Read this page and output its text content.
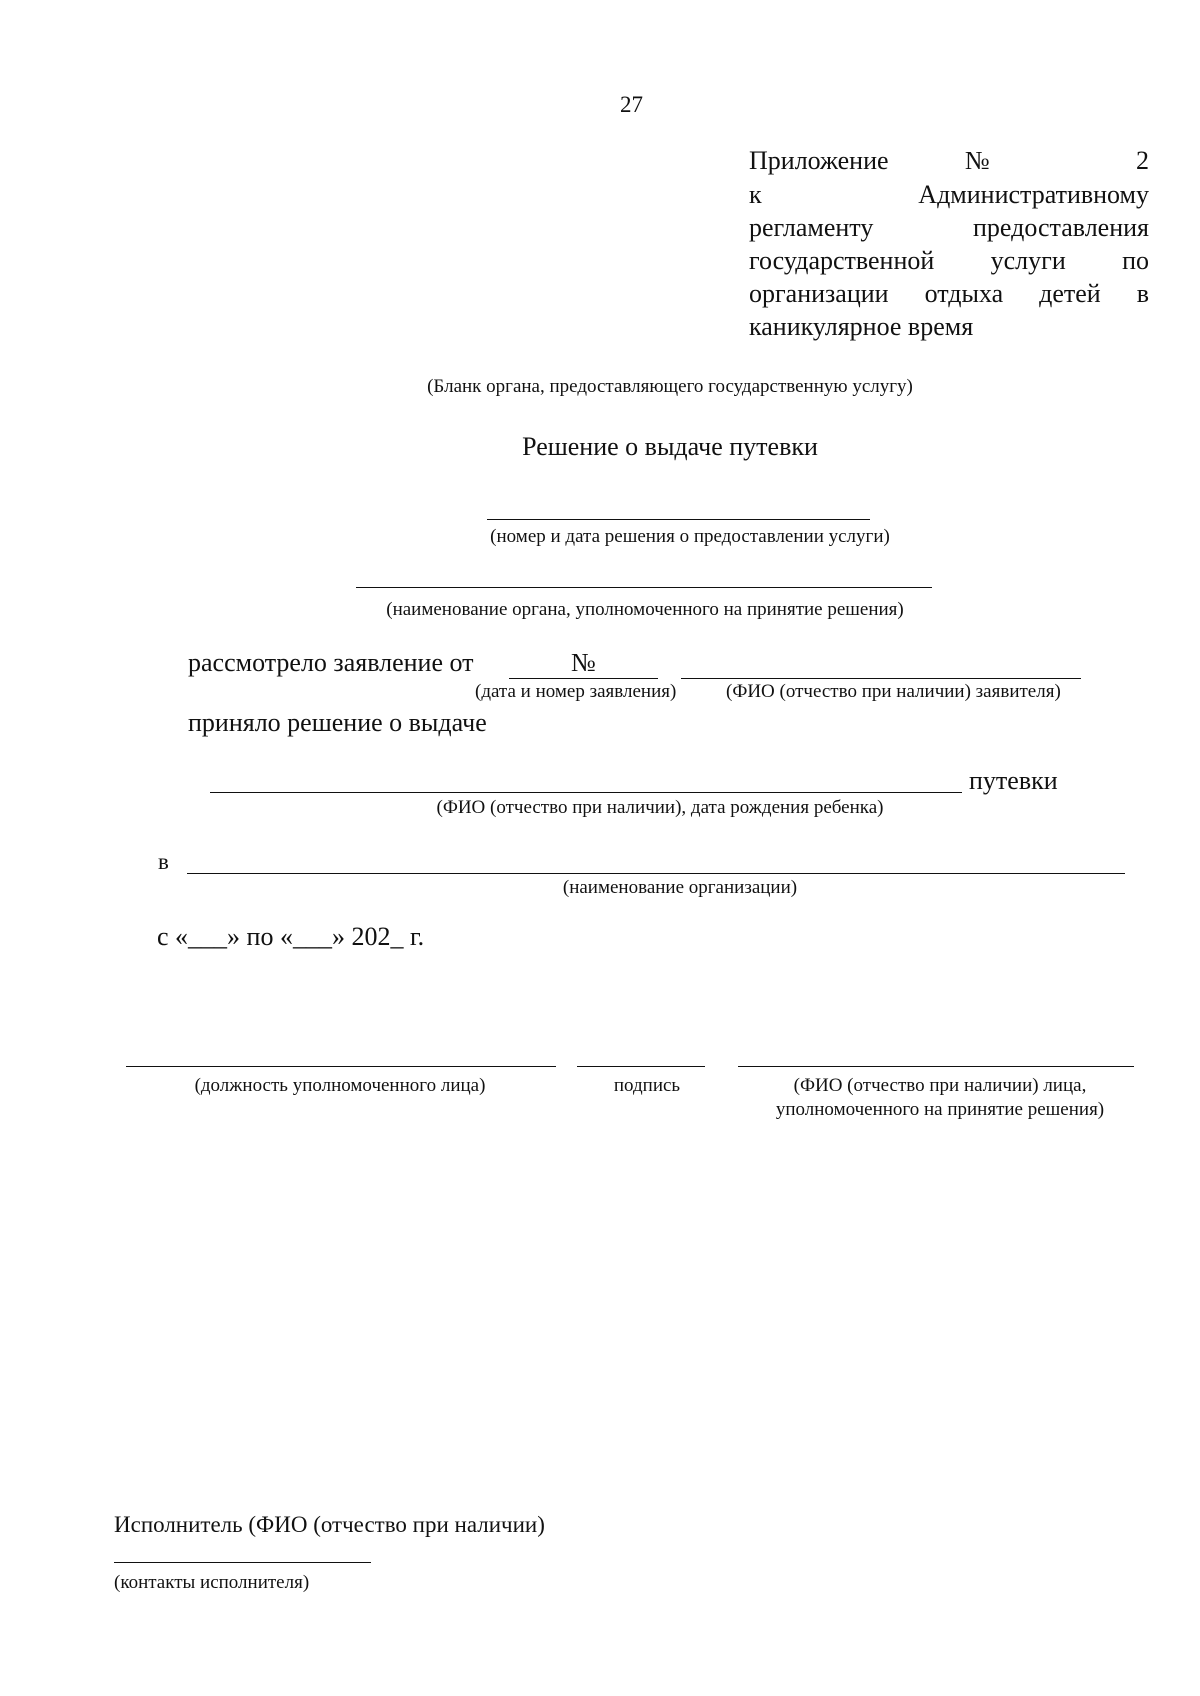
27
Приложение № 2
к Административному
регламенту предоставления
государственной услуги по
организации отдыха детей в
каникулярное время
(Бланк органа, предоставляющего государственную услугу)
Решение о выдаче путевки
(номер и дата решения о предоставлении услуги)
(наименование органа, уполномоченного на принятие решения)
рассмотрело заявление от	№
(дата и номер заявления)	(ФИО (отчество при наличии) заявителя)
приняло решение о выдаче
путевки
(ФИО (отчество при наличии), дата рождения ребенка)
в
(наименование организации)
с «___» по «___» 202_ г.
(должность уполномоченного лица)	подпись	(ФИО (отчество при наличии) лица,
уполномоченного на принятие решения)
Исполнитель (ФИО (отчество при наличии)
(контакты исполнителя)
